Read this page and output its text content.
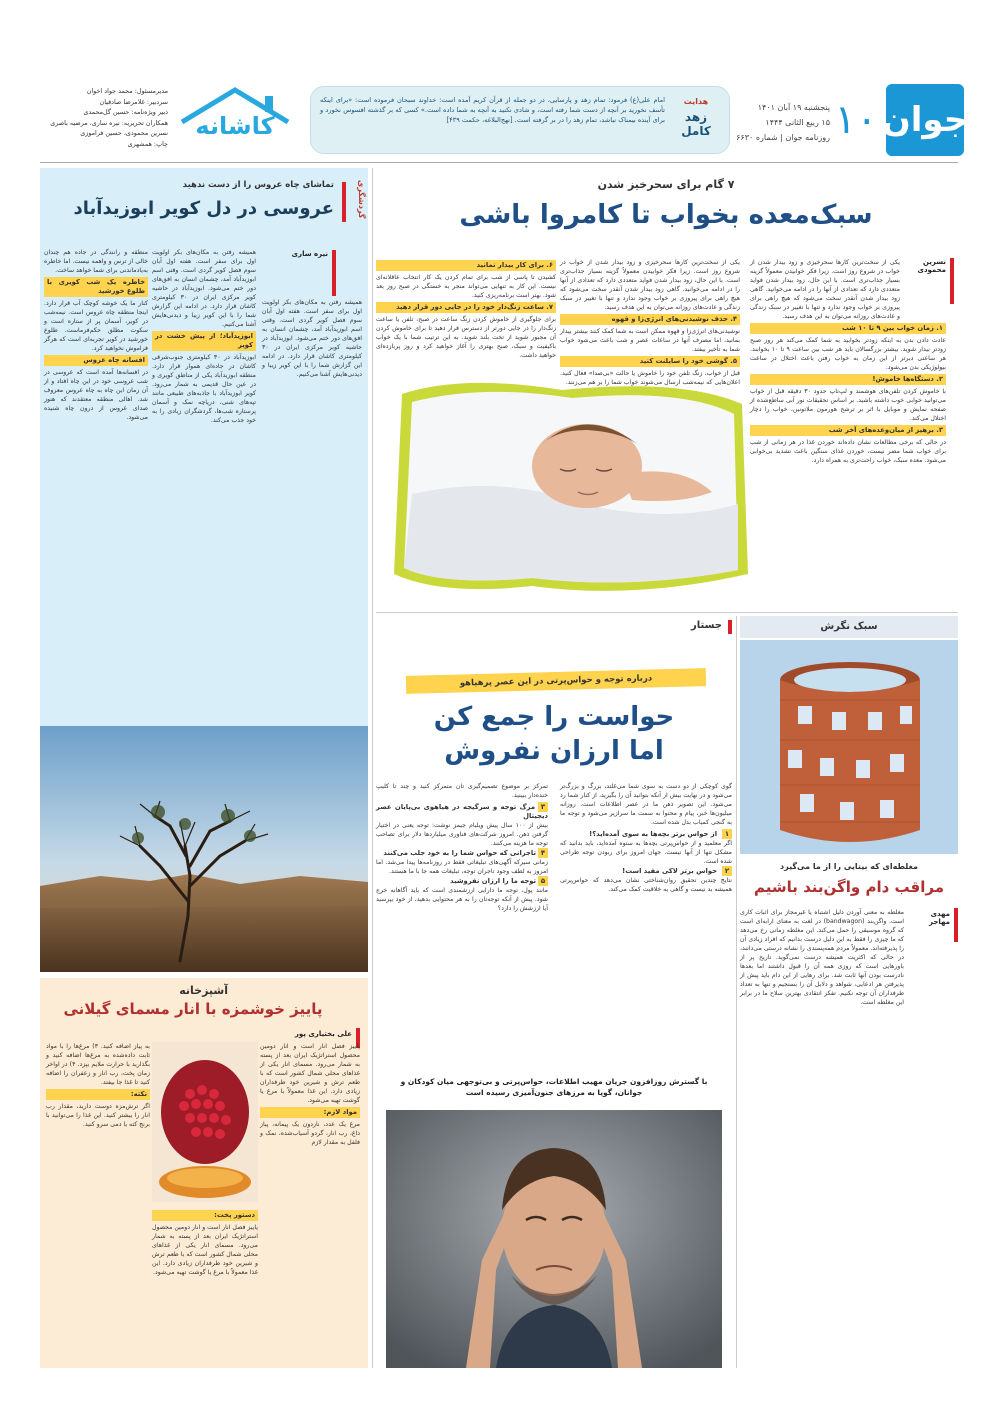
جوان
۱۰
پنجشنبه ۱۹ آبان ۱۴۰۱
۱۵ ربیع الثانی ۱۴۴۴
روزنامه جوان | شماره ۶۶۳۰
هدایت
زهد کامل
امام علی(ع) فرمود: تمام زهد و پارسایی، در دو جمله از قرآن کریم آمده است: خداوند سبحان فرموده است: «برای اینکه تأسف نخورید بر آنچه از دست شما رفته است، و شادی نکنید به آنچه به شما داده است.» کسی که بر گذشته افسوس نخورد و برای آینده بیمناک نباشد، تمام زهد را در بر گرفته است. [نهج‌البلاغه، حکمت ۴۳۹]
کاشانه
مدیرمسئول: محمد جواد اخوان
سردبیر: غلامرضا صادقیان
دبیر ویژه‌نامه: حسین گل‌محمدی
همکاران تحریریه: نیره ساری، مرضیه باصری
نسرین محمودی، حسین فراموزی
چاپ: همشهری
گردشگری
تماشای چاه عروس را از دست ندهید
عروسی در دل کویر ابوزیدآباد
نیره ساری
همیشه رفتن به مکان‌های بکر اولویت اول برای سفر است. هفته اول آبان سوم فصل کویر گردی است. وقتی اسم ابوزیدآباد آمد، چشمان انسان به افق‌های دور ختم می‌شود. ابوزیدآباد در حاشیه کویر مرکزی ایران در ۳۰ کیلومتری کاشان قرار دارد. در ادامه این گزارش شما را با این کویر زیبا و دیدنی‌هایش آشنا می‌کنیم.
ابوزیدآباد؛ از پیش خشت در کویر
ابوزیدآباد در ۳۰ کیلومتری جنوب‌شرقی کاشان در جاده‌ای هموار قرار دارد. منطقه ابوزیدآباد یکی از مناطق کویری و در عین حال قدیمی به شمار می‌رود. کویر ابوزیدآباد با جاذبه‌های طبیعی مانند تپه‌های شنی، دریاچه نمک و آسمان پرستاره شب‌ها، گردشگران زیادی را به خود جذب می‌کند.
همیشه رفتن به مکان‌های بکر اولویت اول برای سفر است. هفته اول آبان سوم فصل کویر گردی است. وقتی اسم ابوزیدآباد آمد، چشمان انسان به افق‌های دور ختم می‌شود. ابوزیدآباد در حاشیه کویر مرکزی ایران در ۳۰ کیلومتری کاشان قرار دارد. در ادامه این گزارش شما را با این کویر زیبا و دیدنی‌هایش آشنا می‌کنیم.
منطقه و رانندگی در جاده هم چندان خالی از ترس و واهمه نیست. اما خاطره به‌یادماندنی برای شما خواهد ساخت.
خاطره یک شب کویری با طلوع خورشید
کنار ما یک خوشه کوچک آب قرار دارد. اینجا منطقه چاه عروس است. نیمه‌شب در کویر، آسمان پر از ستاره است و سکوت مطلق حکم‌فرماست. طلوع خورشید در کویر تجربه‌ای است که هرگز فراموش نخواهید کرد.
افسانه چاه عروس
در افسانه‌ها آمده است که عروسی در شب عروسی خود در این چاه افتاد و از آن زمان این چاه به چاه عروس معروف شد. اهالی منطقه معتقدند که هنوز صدای عروس از درون چاه شنیده می‌شود.
آشپزخانه
پاییز خوشمزه با انار مسمای گیلانی
علی بختیاری پور
پاییز فصل انار است و انار دومین محصول استراتژیک ایران بعد از پسته به شمار می‌رود. مسمای انار یکی از غذاهای محلی شمال کشور است که با طعم ترش و شیرین خود طرفداران زیادی دارد. این غذا معمولاً با مرغ یا گوشت تهیه می‌شود.
مواد لازم:
مرغ یک عدد، ناردون یک پیمانه، پیاز داغ، رب انار، گردو آسیاب‌شده، نمک و فلفل به مقدار لازم
دستور پخت:
پاییز فصل انار است و انار دومین محصول استراتژیک ایران بعد از پسته به شمار می‌رود. مسمای انار یکی از غذاهای محلی شمال کشور است که با طعم ترش و شیرین خود طرفداران زیادی دارد. این غذا معمولاً با مرغ یا گوشت تهیه می‌شود.
به پیاز اضافه کنید. ۳) مرغ‌ها را با مواد ثابت داده‌شده به مرغ‌ها اضافه کنید و بگذارید با حرارت ملایم بپزد. ۴) در اواخر زمان پخت، رب انار و زعفران را اضافه کنید تا غذا جا بیفتد.
نکته:
اگر ترش‌مزه دوست دارید، مقدار رب انار را بیشتر کنید. این غذا را می‌توانید با برنج کته یا دمی سرو کنید.
۷ گام برای سحرخیز شدن
سبک‌معده بخواب تا کامروا باشی
نسرین محمودی
یکی از سخت‌ترین کارها سحرخیزی و زود بیدار شدن از خواب در شروع روز است. زیرا فکر خوابیدن معمولاً گزینه بسیار جذاب‌تری است. با این حال، زود بیدار شدن فواید متعددی دارد که تعدادی از آنها را در ادامه می‌خوانید. گاهی زود بیدار شدن آنقدر سخت می‌شود که هیچ راهی برای پیروزی بر خواب وجود ندارد و تنها با تغییر در سبک زندگی و عادت‌های روزانه می‌توان به این هدف رسید.
۱. زمان خواب بین ۹ تا ۱۰ شب
عادت دادن بدن به اینکه زودتر بخوابید به شما کمک می‌کند هر روز صبح زودتر بیدار شوید. بیشتر بزرگسالان باید هر شب بین ساعت ۹ تا ۱۰ بخوابند. هر ساعتی دیرتر از این زمان به خواب رفتن باعث اختلال در ساعت بیولوژیکی بدن می‌شود.
۲. دستگاه‌ها خاموش!
با خاموش کردن تلفن‌های هوشمند و لپ‌تاپ حدود ۳۰ دقیقه قبل از خواب می‌توانید خوابی خوب داشته باشید. بر اساس تحقیقات نور آبی ساطع‌شده از صفحه نمایش و موبایل با اثر بر ترشح هورمون ملاتونین، خواب را دچار اختلال می‌کند.
۳. برهیز از میان‌وعده‌های آخر شب
در حالی که برخی مطالعات نشان داده‌اند خوردن غذا در هر زمانی از شب برای خواب شما مضر نیست، خوردن غذای سنگین باعث تشدید بی‌خوابی می‌شود. معده سبک، خواب راحت‌تری به همراه دارد.
یکی از سخت‌ترین کارها سحرخیزی و زود بیدار شدن از خواب در شروع روز است. زیرا فکر خوابیدن معمولاً گزینه بسیار جذاب‌تری است. با این حال، زود بیدار شدن فواید متعددی دارد که تعدادی از آنها را در ادامه می‌خوانید. گاهی زود بیدار شدن آنقدر سخت می‌شود که هیچ راهی برای پیروزی بر خواب وجود ندارد و تنها با تغییر در سبک زندگی و عادت‌های روزانه می‌توان به این هدف رسید.
۴. حذف نوشیدنی‌های انرژی‌زا و قهوه
نوشیدنی‌های انرژی‌زا و قهوه ممکن است به شما کمک کنند بیشتر بیدار بمانید، اما مصرف آنها در ساعات عصر و شب باعث می‌شود خواب شما به تأخیر بیفتد.
۵. گوشی خود را سایلنت کنید
قبل از خواب، زنگ تلفن خود را خاموش یا حالت «بی‌صدا» فعال کنید. اعلان‌هایی که نیمه‌شب ارسال می‌شوند خواب شما را بر هم می‌زنند.
۶. برای کار بیدار نمانید
کشیدن تا پاسی از شب برای تمام کردن یک کار انتخاب عاقلانه‌ای نیست. این کار به تنهایی می‌تواند منجر به خستگی در صبح روز بعد شود. بهتر است برنامه‌ریزی کنید.
۷. ساعت زنگ‌دار خود را در جایی دور قرار دهید
برای جلوگیری از خاموش کردن زنگ ساعت در صبح، تلفن یا ساعت زنگ‌دار را در جایی دورتر از دسترس قرار دهید تا برای خاموش کردن آن مجبور شوید از تخت بلند شوید. به این ترتیب شما با یک خواب باکیفیت و سبک، صبح بهتری را آغاز خواهید کرد و روز پربازده‌ای خواهید داشت.
سبک نگرش
مغلطه‌ای که بینایی را از ما می‌گیرد
مراقب دام واگن‌بند باشیم
مهدی مهاجر
مغلطه به معنی آوردن دلیل اشتباه یا غیرمجاز برای اثبات کاری است. واگن‌بند (bandwagon) در لغت به معنای ارابه‌ای است که گروه موسیقی را حمل می‌کند. این مغلطه زمانی رخ می‌دهد که ما چیزی را فقط به این دلیل درست بدانیم که افراد زیادی آن را پذیرفته‌اند. معمولاً مردم همه‌پسندی را نشانه درستی می‌دانند، در حالی که اکثریت همیشه درست نمی‌گوید. تاریخ پر از باورهایی است که روزی همه آن را قبول داشتند اما بعدها نادرست بودن آنها ثابت شد. برای رهایی از این دام باید پیش از پذیرفتن هر ادعایی، شواهد و دلایل آن را بسنجیم و تنها به تعداد طرفداران آن توجه نکنیم. تفکر انتقادی بهترین سلاح ما در برابر این مغلطه است.
جستار
درباره توجه و حواس‌پرتی در این عصر پرهیاهو
حواست را جمع کن
اما ارزان نفروش
گوی کوچکی از دو دست به سوی شما می‌غلتد، بزرگ و بزرگ‌تر می‌شود و در نهایت بیش از آنکه بتوانید آن را بگیرید، از کنار شما رد می‌شود. این تصویر ذهن ما در عصر اطلاعات است. روزانه میلیون‌ها خبر، پیام و محتوا به سمت ما سرازیر می‌شود و توجه ما به گنجی کمیاب بدل شده است.
۱ از حواس برتر بچه‌ها به سوی آمده‌اید؟!
اگر معلمید و از حواس‌پرتی بچه‌ها به ستوه آمده‌اید، باید بدانید که مشکل تنها از آنها نیست. جهان امروز برای ربودن توجه طراحی شده است.
۲ حواس برتر لاکی مفید است!
نتایج چندین تحقیق روان‌شناختی نشان می‌دهد که حواس‌پرتی همیشه بد نیست و گاهی به خلاقیت کمک می‌کند.
تمرکز بر موضوع تصمیم‌گیری تان متمرکز کنید و چند تا کلیپ خنده‌دار ببینید.
۳ مرگ توجه و سرگیجه در هیاهوی بی‌پایان عصر دیجیتال
بیش از ۱۰۰ سال پیش ویلیام جیمز نوشت: توجه یعنی در اختیار گرفتن ذهن. امروز شرکت‌های فناوری میلیاردها دلار برای تصاحب توجه ما هزینه می‌کنند.
۴ تاجرانی که حواس شما را به خود جلب می‌کنند
زمانی سیرکه آگهی‌های تبلیغاتی فقط در روزنامه‌ها پیدا می‌شد. اما امروز به لطف وجود تاجران توجه، تبلیغات همه جا با ما هستند.
۵ توجه ما را ارزان نفروشید
مانند پول، توجه ما دارایی ارزشمندی است که باید آگاهانه خرج شود. پیش از آنکه توجه‌تان را به هر محتوایی بدهید، از خود بپرسید آیا ارزشش را دارد؟
با گسترش روزافزون جریان مهیب اطلاعات، حواس‌پرتی و بی‌توجهی میان کودکان و جوانان، گویا به مرزهای جنون‌آمیزی رسیده است
